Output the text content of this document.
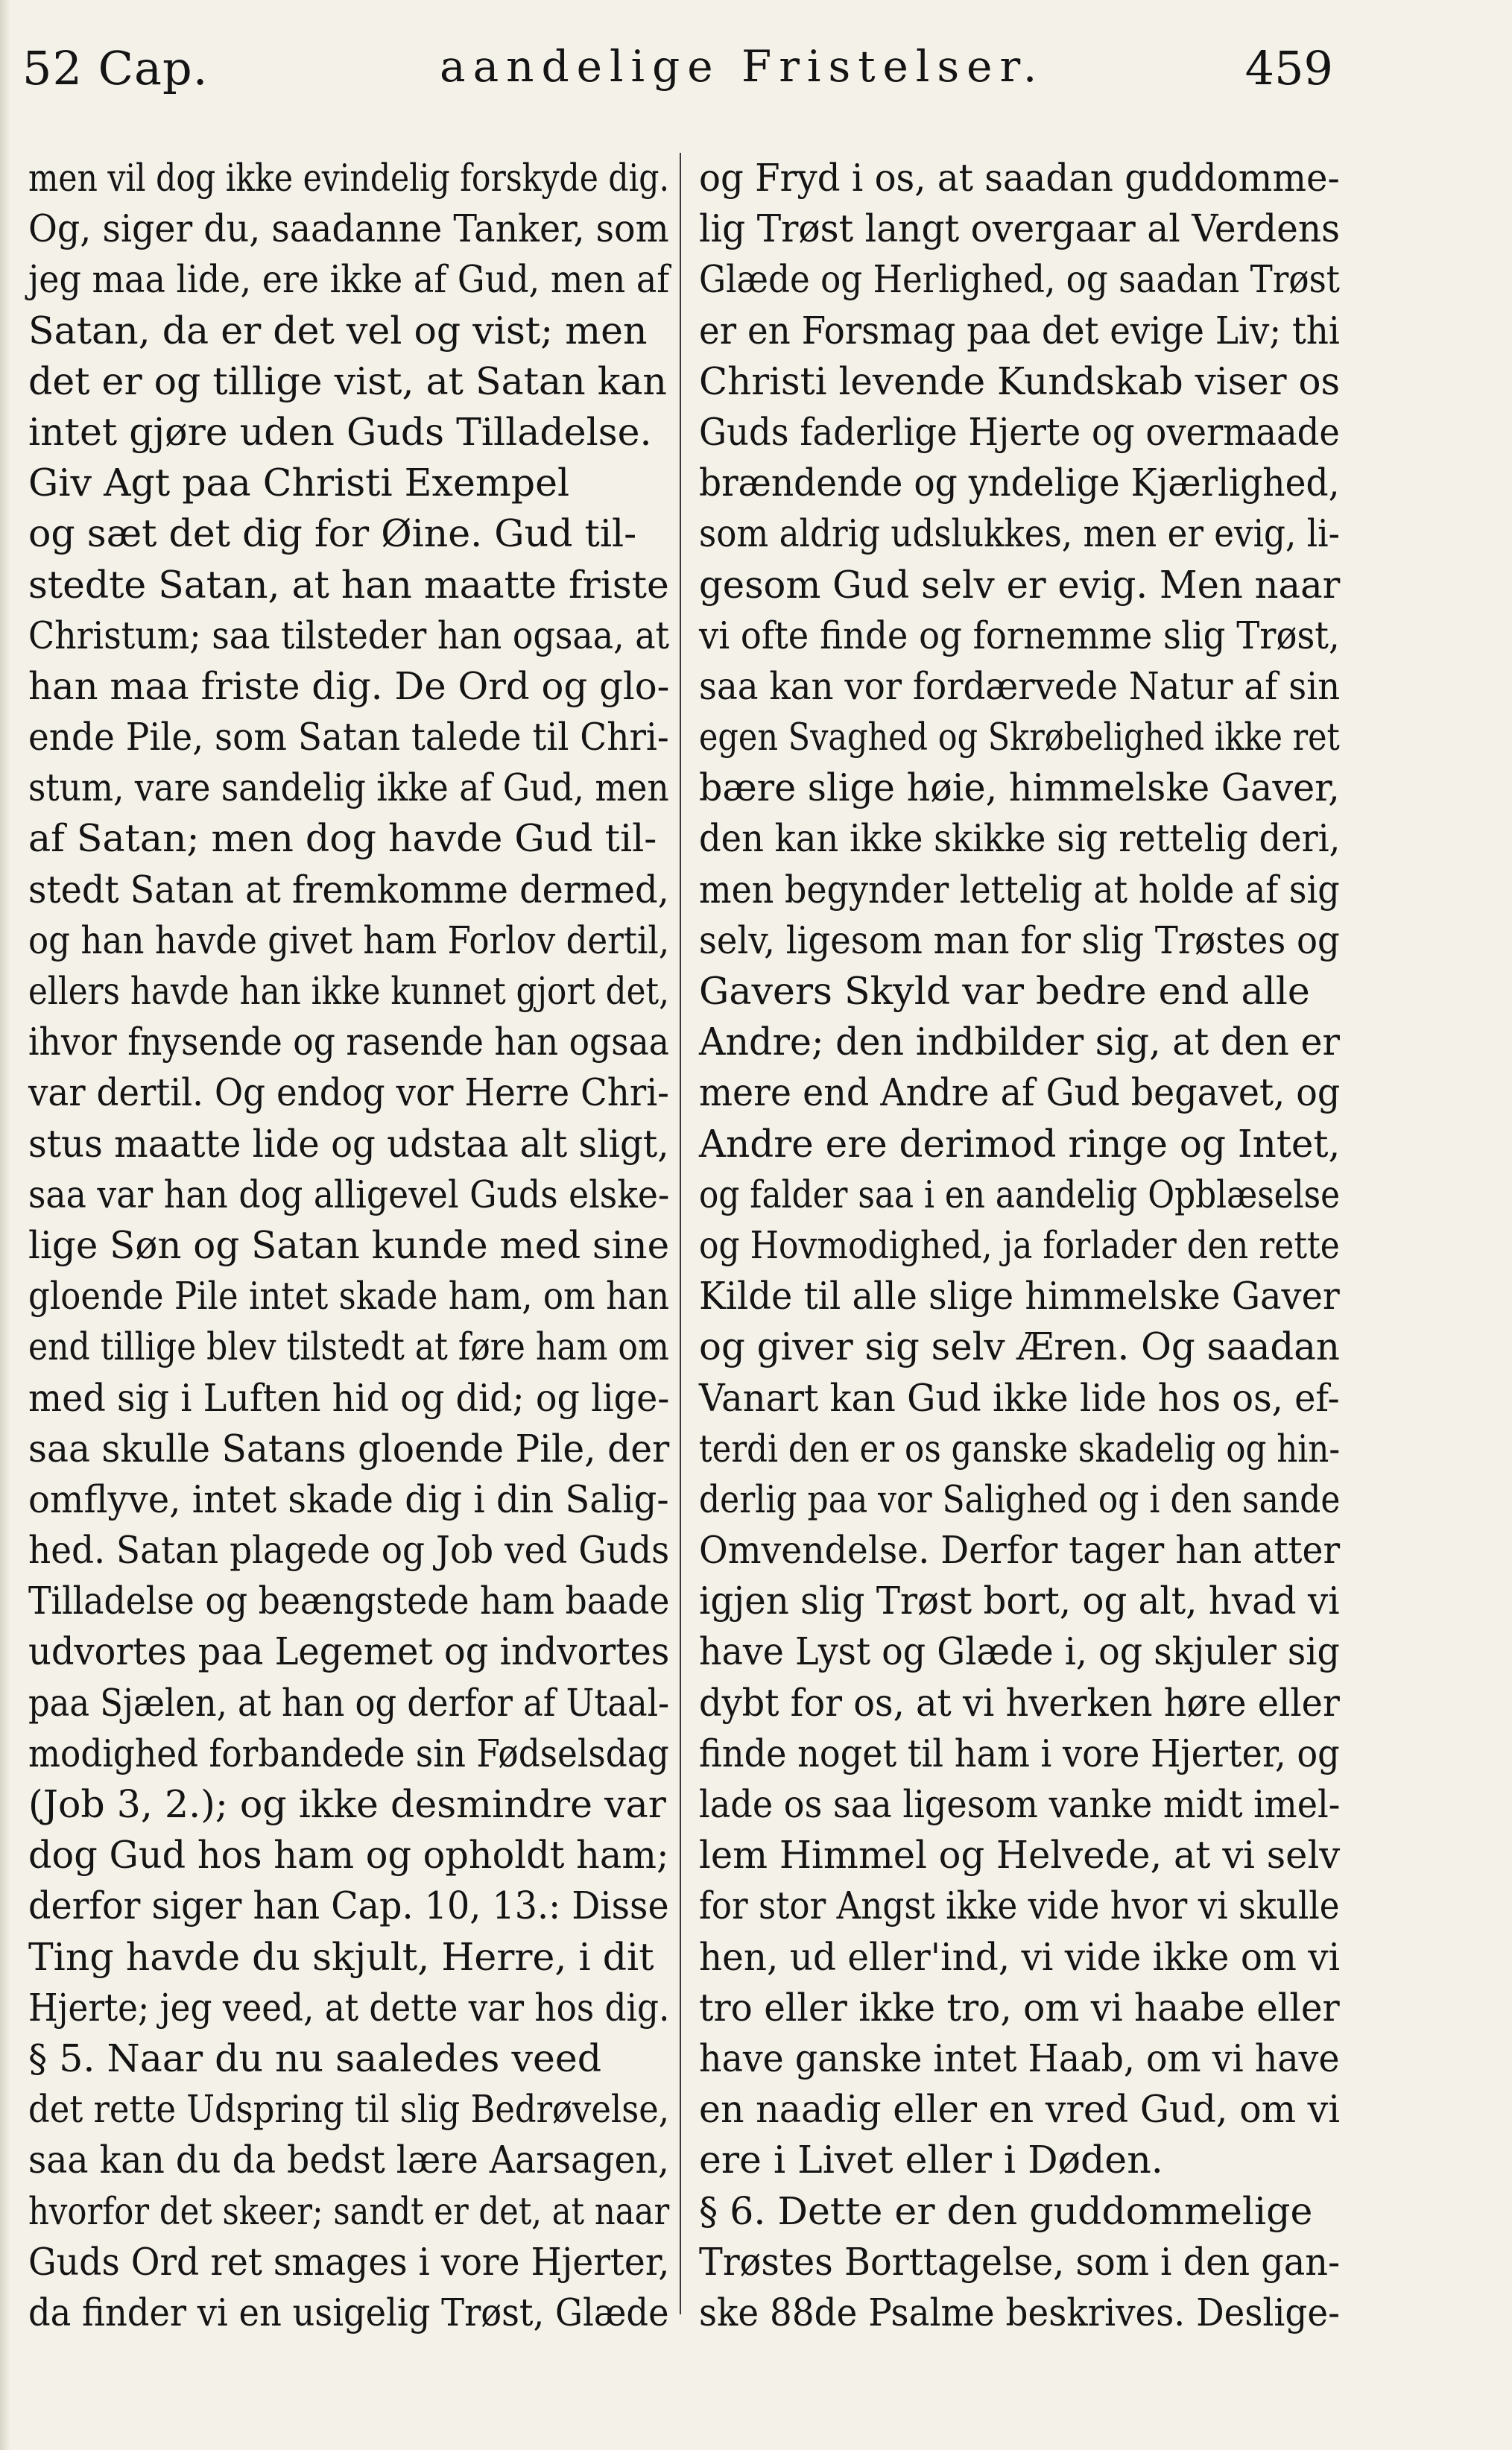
52 Cap.	aandelige Fristelser.	459
men vil dog ikke evindelig forskyde dig.
Og, siger du, saadanne Tanker, som
jeg maa lide, ere ikke af Gud, men af
Satan, da er det vel og vist; men
det er og tillige vist, at Satan kan
intet gjøre uden Guds Tilladelse.
Giv Agt paa Christi Exempel
og sæt det dig for Øine. Gud til-
stedte Satan, at han maatte friste
Christum; saa tilsteder han ogsaa, at
han maa friste dig. De Ord og glo-
ende Pile, som Satan talede til Chri-
stum, vare sandelig ikke af Gud, men
af Satan; men dog havde Gud til-
stedt Satan at fremkomme dermed,
og han havde givet ham Forlov dertil,
ellers havde han ikke kunnet gjort det,
ihvor fnysende og rasende han ogsaa
var dertil. Og endog vor Herre Chri-
stus maatte lide og udstaa alt sligt,
saa var han dog alligevel Guds elske-
lige Søn og Satan kunde med sine
gloende Pile intet skade ham, om han
end tillige blev tilstedt at føre ham om
med sig i Luften hid og did; og lige-
saa skulle Satans gloende Pile, der
omflyve, intet skade dig i din Salig-
hed. Satan plagede og Job ved Guds
Tilladelse og beængstede ham baade
udvortes paa Legemet og indvortes
paa Sjælen, at han og derfor af Utaal-
modighed forbandede sin Fødselsdag
(Job 3, 2.); og ikke desmindre var
dog Gud hos ham og opholdt ham;
derfor siger han Cap. 10, 13.: Disse
Ting havde du skjult, Herre, i dit
Hjerte; jeg veed, at dette var hos dig.
§ 5. Naar du nu saaledes veed
det rette Udspring til slig Bedrøvelse,
saa kan du da bedst lære Aarsagen,
hvorfor det skeer; sandt er det, at naar
Guds Ord ret smages i vore Hjerter,
da finder vi en usigelig Trøst, Glæde
og Fryd i os, at saadan guddomme-
lig Trøst langt overgaar al Verdens
Glæde og Herlighed, og saadan Trøst
er en Forsmag paa det evige Liv; thi
Christi levende Kundskab viser os
Guds faderlige Hjerte og overmaade
brændende og yndelige Kjærlighed,
som aldrig udslukkes, men er evig, li-
gesom Gud selv er evig. Men naar
vi ofte finde og fornemme slig Trøst,
saa kan vor fordærvede Natur af sin
egen Svaghed og Skrøbelighed ikke ret
bære slige høie, himmelske Gaver,
den kan ikke skikke sig rettelig deri,
men begynder lettelig at holde af sig
selv, ligesom man for slig Trøstes og
Gavers Skyld var bedre end alle
Andre; den indbilder sig, at den er
mere end Andre af Gud begavet, og
Andre ere derimod ringe og Intet,
og falder saa i en aandelig Opblæselse
og Hovmodighed, ja forlader den rette
Kilde til alle slige himmelske Gaver
og giver sig selv Æren. Og saadan
Vanart kan Gud ikke lide hos os, ef-
terdi den er os ganske skadelig og hin-
derlig paa vor Salighed og i den sande
Omvendelse. Derfor tager han atter
igjen slig Trøst bort, og alt, hvad vi
have Lyst og Glæde i, og skjuler sig
dybt for os, at vi hverken høre eller
finde noget til ham i vore Hjerter, og
lade os saa ligesom vanke midt imel-
lem Himmel og Helvede, at vi selv
for stor Angst ikke vide hvor vi skulle
hen, ud eller'ind, vi vide ikke om vi
tro eller ikke tro, om vi haabe eller
have ganske intet Haab, om vi have
en naadig eller en vred Gud, om vi
ere i Livet eller i Døden.
§ 6. Dette er den guddommelige
Trøstes Borttagelse, som i den gan-
ske 88de Psalme beskrives. Deslige-
